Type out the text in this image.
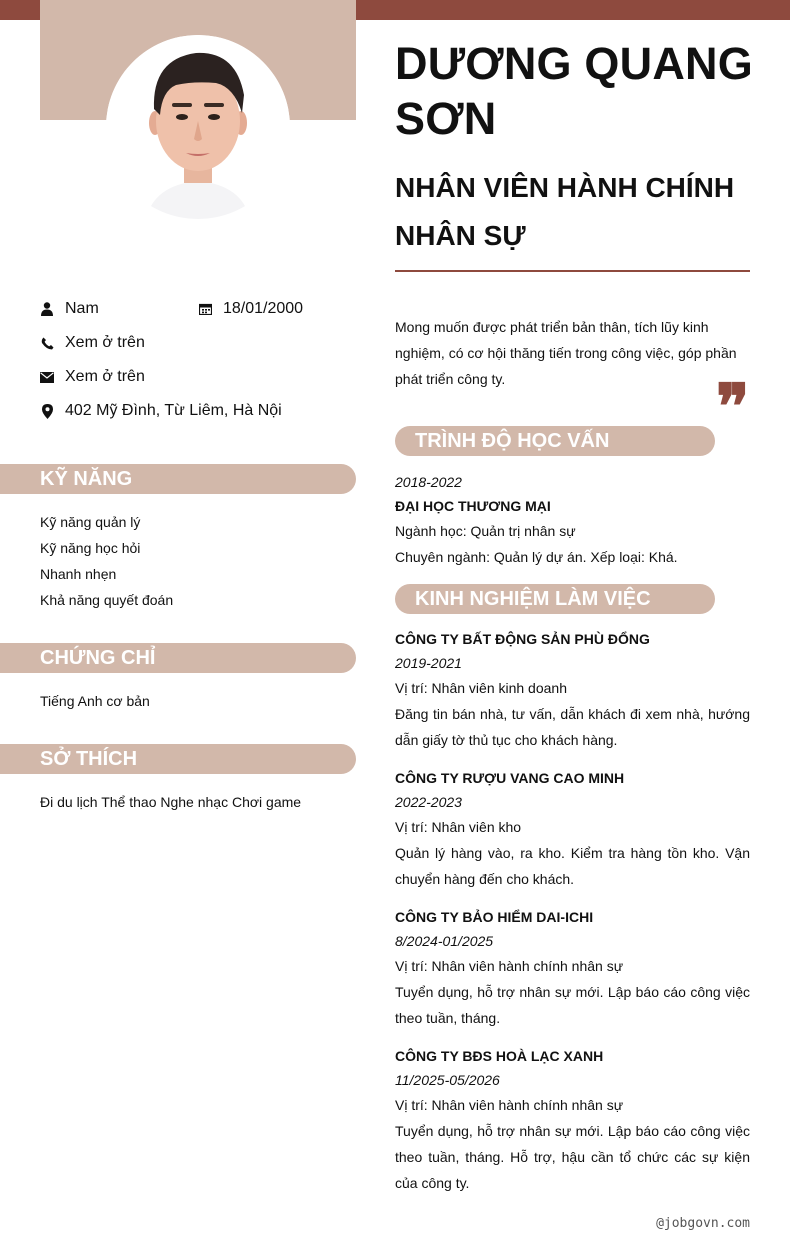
DƯƠNG QUANG SƠN
NHÂN VIÊN HÀNH CHÍNH NHÂN SỰ
Nam	18/01/2000
Xem ở trên
Xem ở trên
402 Mỹ Đình, Từ Liêm, Hà Nội
KỸ NĂNG
Kỹ năng quản lý
Kỹ năng học hỏi
Nhanh nhẹn
Khả năng quyết đoán
CHỨNG CHỈ
Tiếng Anh cơ bản
SỞ THÍCH
Đi du lịch Thể thao Nghe nhạc Chơi game
Mong muốn được phát triển bản thân, tích lũy kinh nghiệm, có cơ hội thăng tiến trong công việc, góp phần phát triển công ty.	❞
TRÌNH ĐỘ HỌC VẤN
2018-2022
ĐẠI HỌC THƯƠNG MẠI
Ngành học: Quản trị nhân sự
Chuyên ngành: Quản lý dự án. Xếp loại: Khá.
KINH NGHIỆM LÀM VIỆC
CÔNG TY BẤT ĐỘNG SẢN PHÙ ĐỔNG
2019-2021
Vị trí: Nhân viên kinh doanh
Đăng tin bán nhà, tư vấn, dẫn khách đi xem nhà, hướng dẫn giấy tờ thủ tục cho khách hàng.
CÔNG TY RƯỢU VANG CAO MINH
2022-2023
Vị trí: Nhân viên kho
Quản lý hàng vào, ra kho. Kiểm tra hàng tồn kho. Vận chuyển hàng đến cho khách.
CÔNG TY BẢO HIỂM DAI-ICHI
8/2024-01/2025
Vị trí: Nhân viên hành chính nhân sự
Tuyển dụng, hỗ trợ nhân sự mới. Lập báo cáo công việc theo tuần, tháng.
CÔNG TY BĐS HOÀ LẠC XANH
11/2025-05/2026
Vị trí: Nhân viên hành chính nhân sự
Tuyển dụng, hỗ trợ nhân sự mới. Lập báo cáo công việc theo tuần, tháng. Hỗ trợ, hậu cần tổ chức các sự kiện của công ty.
@jobgovn.com
